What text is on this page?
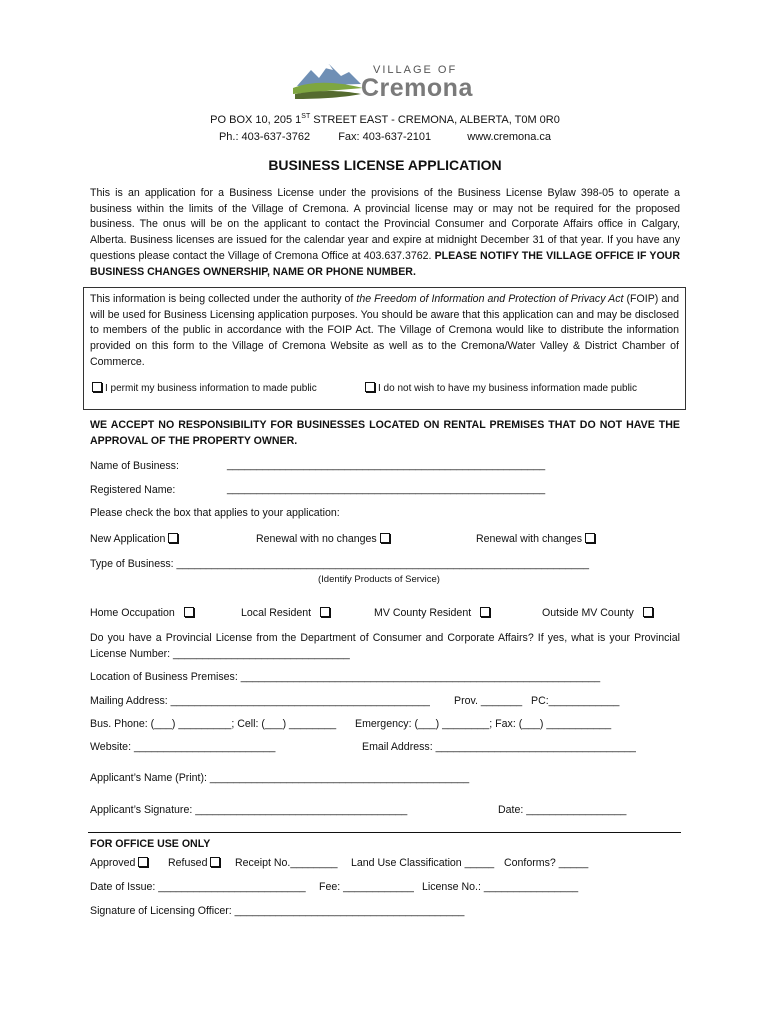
VILLAGE OF
Cremona
PO BOX 10, 205 1ST STREET EAST - CREMONA, ALBERTA, T0M 0R0
Ph.: 403-637-3762	Fax: 403-637-2101	www.cremona.ca
BUSINESS LICENSE APPLICATION
This is an application for a Business License under the provisions of the Business License Bylaw 398-05 to operate a business within the limits of the Village of Cremona. A provincial license may or may not be required for the proposed business. The onus will be on the applicant to contact the Provincial Consumer and Corporate Affairs office in Calgary, Alberta. Business licenses are issued for the calendar year and expire at midnight December 31 of that year. If you have any questions please contact the Village of Cremona Office at 403.637.3762. PLEASE NOTIFY THE VILLAGE OFFICE IF YOUR BUSINESS CHANGES OWNERSHIP, NAME OR PHONE NUMBER.
This information is being collected under the authority of the Freedom of Information and Protection of Privacy Act (FOIP) and will be used for Business Licensing application purposes. You should be aware that this application can and may be disclosed to members of the public in accordance with the FOIP Act. The Village of Cremona would like to distribute the information provided on this form to the Village of Cremona Website as well as to the Cremona/Water Valley & District Chamber of Commerce.
I permit my business information to made public	I do not wish to have my business information made public
WE ACCEPT NO RESPONSIBILITY FOR BUSINESSES LOCATED ON RENTAL PREMISES THAT DO NOT HAVE THE APPROVAL OF THE PROPERTY OWNER.
Name of Business:	______________________________________________________
Registered Name:	______________________________________________________
Please check the box that applies to your application:
New Application	Renewal with no changes	Renewal with changes
Type of Business: ______________________________________________________________________
(Identify Products of Service)
Home Occupation	Local Resident	MV County Resident	Outside MV County
Do you have a Provincial License from the Department of Consumer and Corporate Affairs? If yes, what is your Provincial License Number: ______________________________
Location of Business Premises: _____________________________________________________________
Mailing Address: ____________________________________________ Prov. _______ PC:____________
Bus. Phone: (___) _________; Cell: (___) ________ Emergency: (___) ________; Fax: (___) ___________
Website: ________________________	Email Address: __________________________________
Applicant’s Name (Print): ____________________________________________
Applicant’s Signature: ____________________________________	Date: _________________
FOR OFFICE USE ONLY
Approved	Refused	Receipt No.________ Land Use Classification _____ Conforms? _____
Date of Issue: _________________________ Fee: ____________ License No.: ________________
Signature of Licensing Officer: _______________________________________
